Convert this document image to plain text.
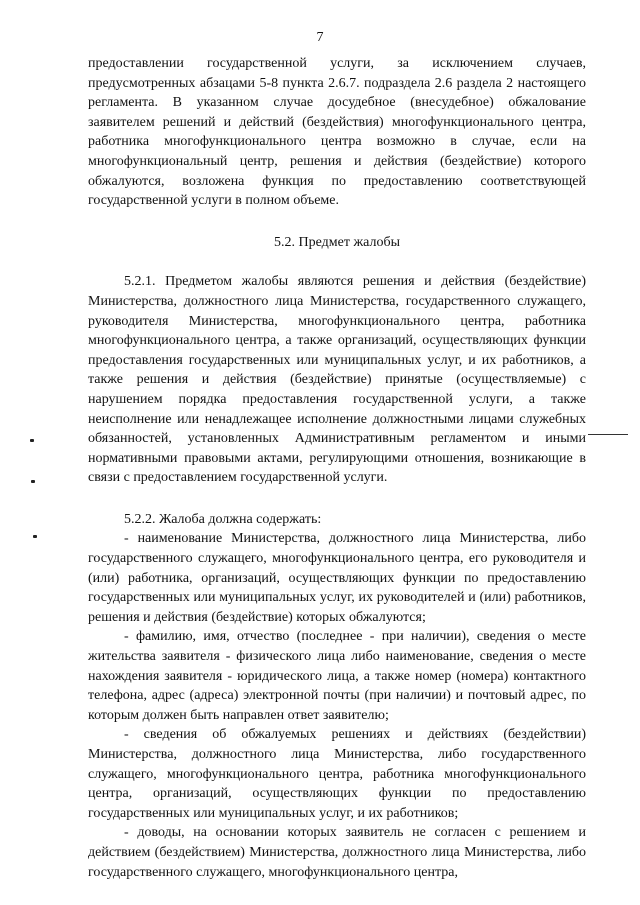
7

предоставлении государственной услуги, за исключением случаев, предусмотренных абзацами 5-8 пункта 2.6.7. подраздела 2.6 раздела 2 настоящего регламента. В указанном случае досудебное (внесудебное) обжалование заявителем решений и действий (бездействия) многофункционального центра, работника многофункционального центра возможно в случае, если на многофункциональный центр, решения и действия (бездействие) которого обжалуются, возложена функция по предоставлению соответствующей государственной услуги в полном объеме.

5.2. Предмет жалобы

5.2.1. Предметом жалобы являются решения и действия (бездействие) Министерства, должностного лица Министерства, государственного служащего, руководителя Министерства, многофункционального центра, работника многофункционального центра, а также организаций, осуществляющих функции предоставления государственных или муниципальных услуг, и их работников, а также решения и действия (бездействие) принятые (осуществляемые) с нарушением порядка предоставления государственной услуги, а также неисполнение или ненадлежащее исполнение должностными лицами служебных обязанностей, установленных Административным регламентом и иными нормативными правовыми актами, регулирующими отношения, возникающие в связи с предоставлением государственной услуги.

5.2.2. Жалоба должна содержать:

- наименование Министерства, должностного лица Министерства, либо государственного служащего, многофункционального центра, его руководителя и (или) работника, организаций, осуществляющих функции по предоставлению государственных или муниципальных услуг, их руководителей и (или) работников, решения и действия (бездействие) которых обжалуются;

- фамилию, имя, отчество (последнее - при наличии), сведения о месте жительства заявителя - физического лица либо наименование, сведения о месте нахождения заявителя - юридического лица, а также номер (номера) контактного телефона, адрес (адреса) электронной почты (при наличии) и почтовый адрес, по которым должен быть направлен ответ заявителю;

- сведения об обжалуемых решениях и действиях (бездействии) Министерства, должностного лица Министерства, либо государственного служащего, многофункционального центра, работника многофункционального центра, организаций, осуществляющих функции по предоставлению государственных или муниципальных услуг, и их работников;

- доводы, на основании которых заявитель не согласен с решением и действием (бездействием) Министерства, должностного лица Министерства, либо государственного служащего, многофункционального центра,
